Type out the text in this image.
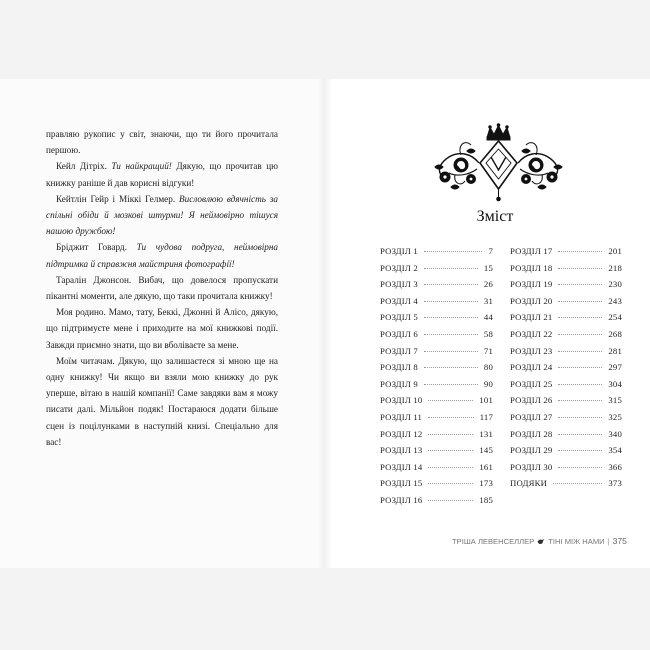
правляю рукопис у світ, знаючи, що ти його прочитала першою.

Кейл Дітріх. Ти найкращий! Дякую, що прочитав цю книжку раніше й дав корисні відгуки!

Кейтлін Гейр і Міккі Гелмер. Висловлюю вдячність за спільні обіди й мозкові штурми! Я неймовірно тішуся нашою дружбою!

Бріджит Говард. Ти чудова подруга, неймовірна підтримка й справжня майстриня фотографії!

Таралін Джонсон. Вибач, що довелося пропускати пікантні моменти, але дякую, що таки прочитала книжку!

Моя родино. Мамо, тату, Беккі, Джонні й Алісо, дякую, що підтримуєте мене і приходите на мої книжкові події. Завжди приємно знати, що ви вболіваєте за мене.

Моїм читачам. Дякую, що залишаєтеся зі мною ще на одну книжку! Чи якщо ви взяли мою книжку до рук уперше, вітаю в нашій компанії! Саме завдяки вам я можу писати далі. Мільйон подяк! Постараюся додати більше сцен із поцілунками в наступній книзі. Спеціально для вас!

Зміст
РОЗДІЛ 1	7
РОЗДІЛ 2	15
РОЗДІЛ 3	26
РОЗДІЛ 4	31
РОЗДІЛ 5	44
РОЗДІЛ 6	58
РОЗДІЛ 7	71
РОЗДІЛ 8	80
РОЗДІЛ 9	90
РОЗДІЛ 10	101
РОЗДІЛ 11	117
РОЗДІЛ 12	131
РОЗДІЛ 13	145
РОЗДІЛ 14	161
РОЗДІЛ 15	173
РОЗДІЛ 16	185
РОЗДІЛ 17	201
РОЗДІЛ 18	218
РОЗДІЛ 19	230
РОЗДІЛ 20	243
РОЗДІЛ 21	254
РОЗДІЛ 22	268
РОЗДІЛ 23	281
РОЗДІЛ 24	297
РОЗДІЛ 25	304
РОЗДІЛ 26	315
РОЗДІЛ 27	325
РОЗДІЛ 28	340
РОЗДІЛ 29	354
РОЗДІЛ 30	366
ПОДЯКИ	373
ТРІША ЛЕВЕНСЕЛЛЕР ТІНІ МІЖ НАМИ | 375
